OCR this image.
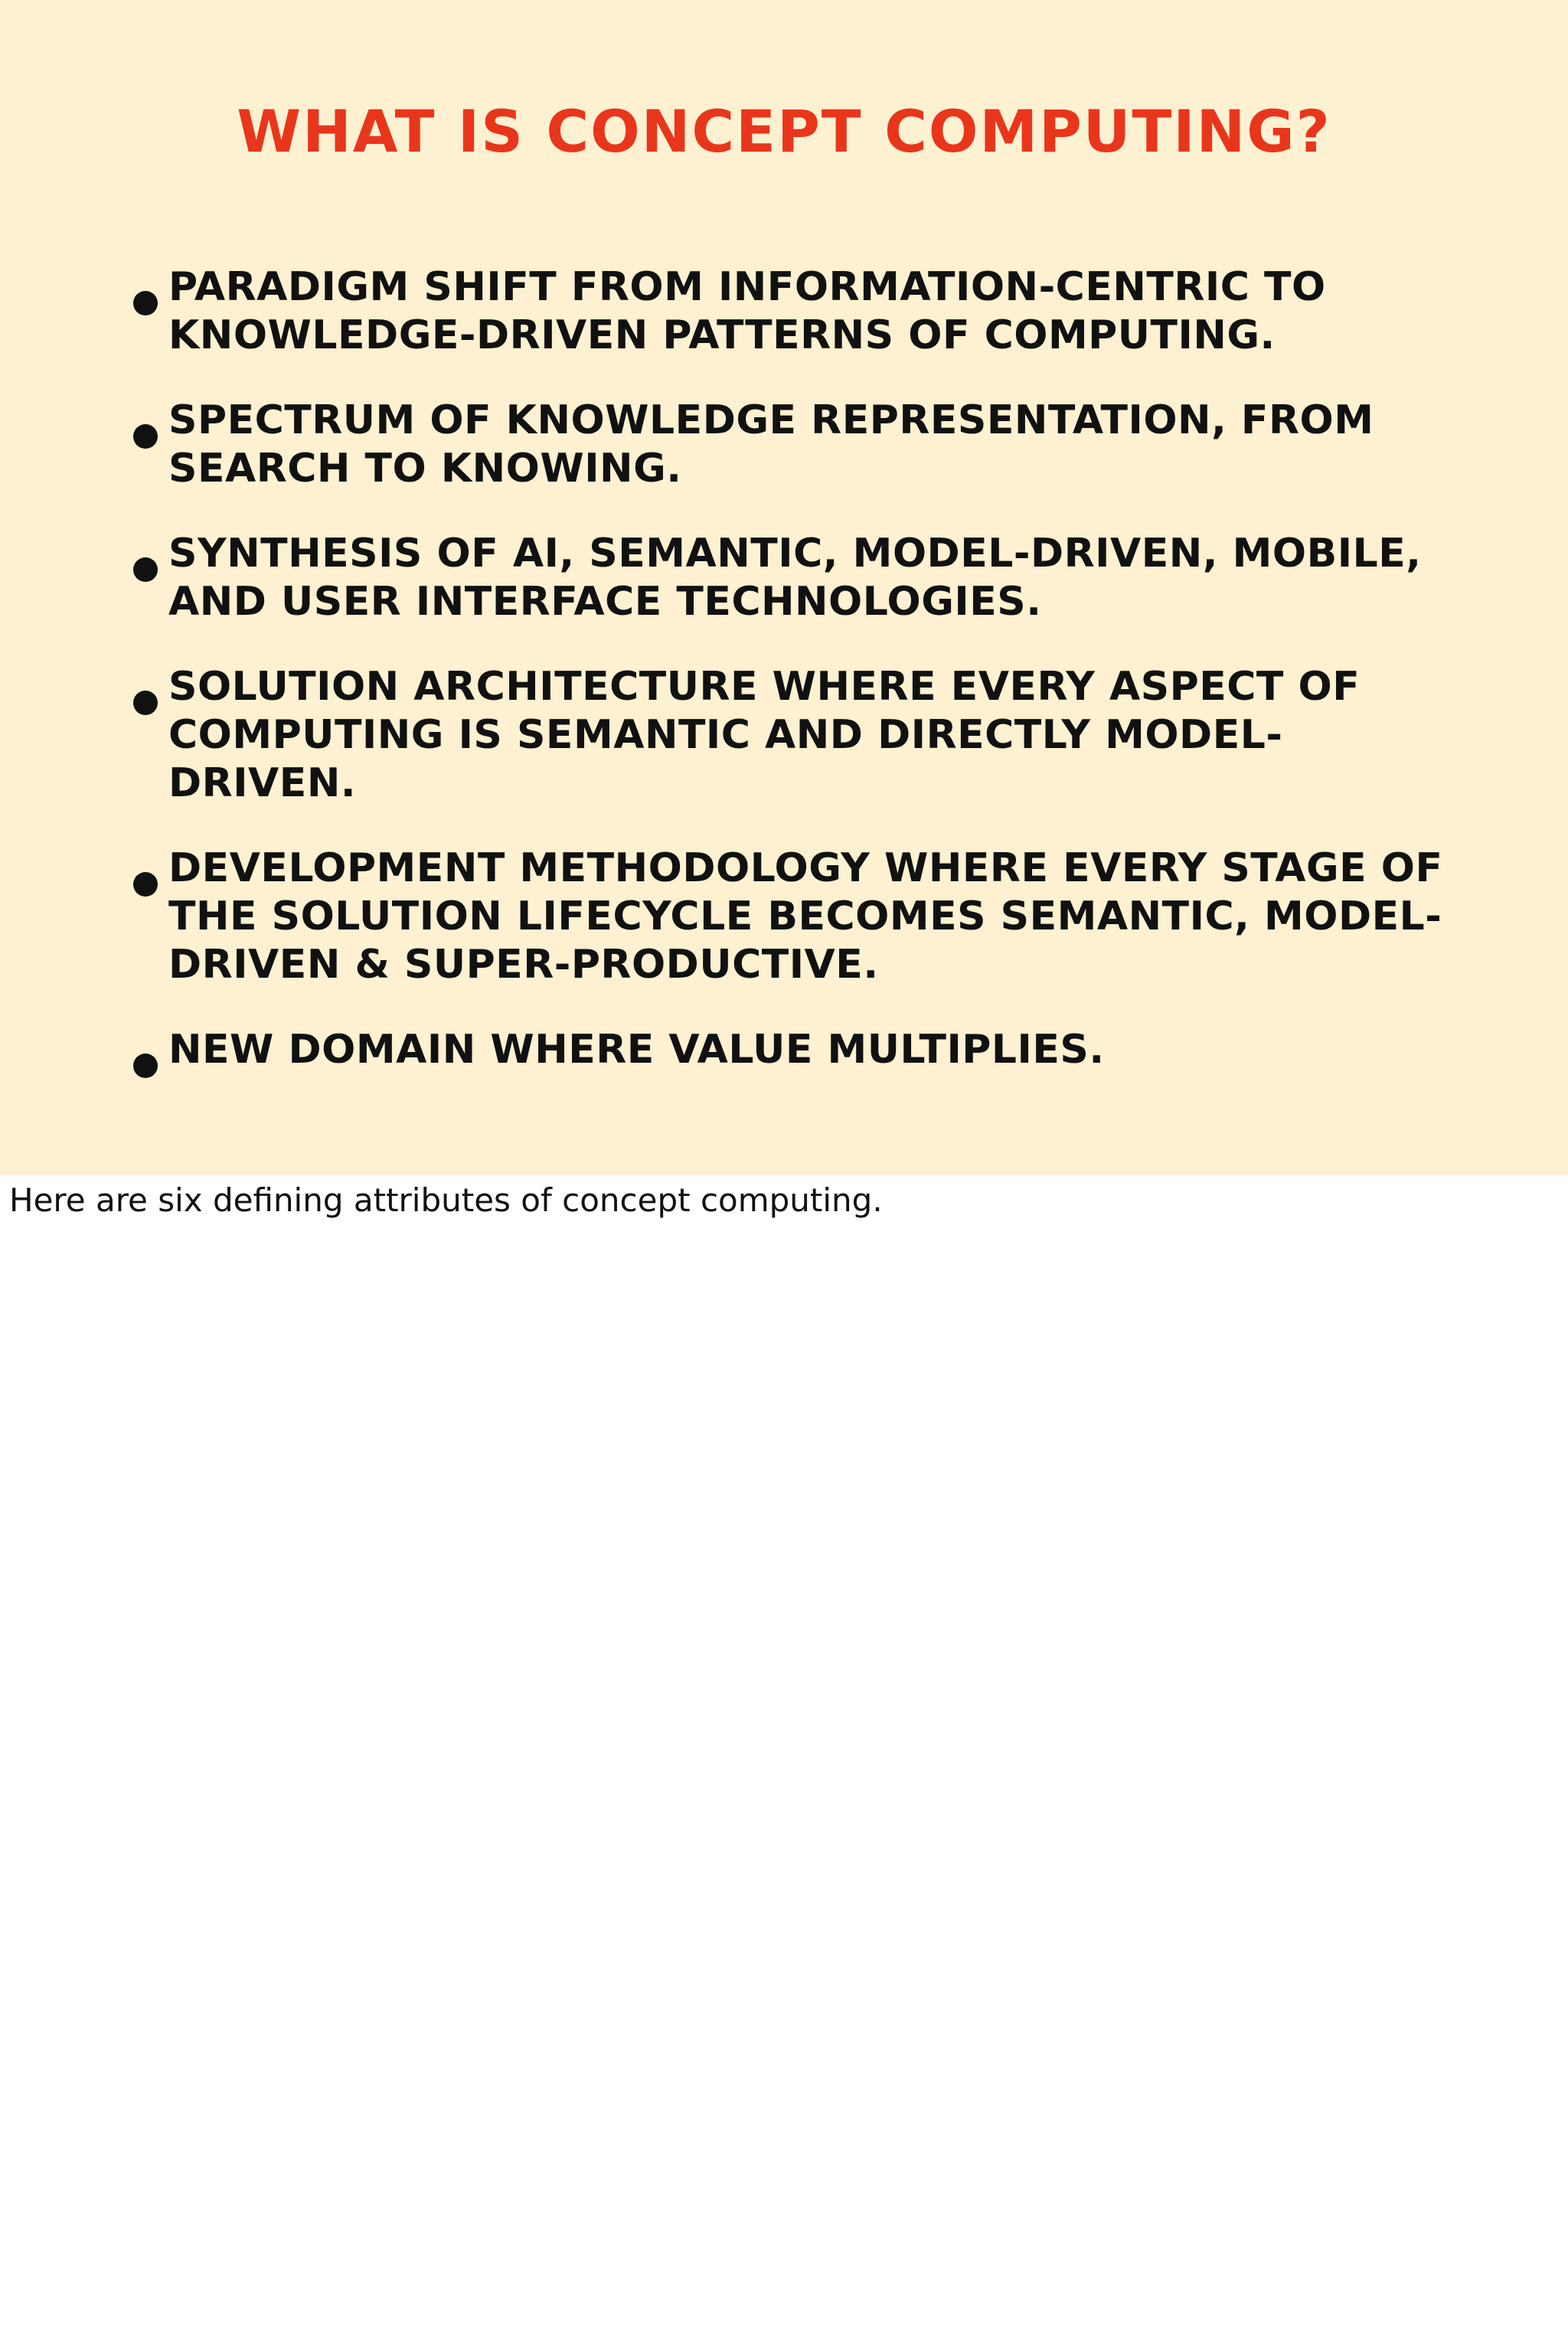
WHAT IS CONCEPT COMPUTING?
PARADIGM SHIFT FROM INFORMATION-CENTRIC TO KNOWLEDGE-DRIVEN PATTERNS OF COMPUTING.
SPECTRUM OF KNOWLEDGE REPRESENTATION, FROM SEARCH TO KNOWING.
SYNTHESIS OF AI, SEMANTIC, MODEL-DRIVEN, MOBILE, AND USER INTERFACE TECHNOLOGIES.
SOLUTION ARCHITECTURE WHERE EVERY ASPECT OF COMPUTING IS SEMANTIC AND DIRECTLY MODEL-DRIVEN.
DEVELOPMENT METHODOLOGY WHERE EVERY STAGE OF THE SOLUTION LIFECYCLE BECOMES SEMANTIC, MODEL-DRIVEN & SUPER-PRODUCTIVE.
NEW DOMAIN WHERE VALUE MULTIPLIES.

Here are six defining attributes of concept computing.
